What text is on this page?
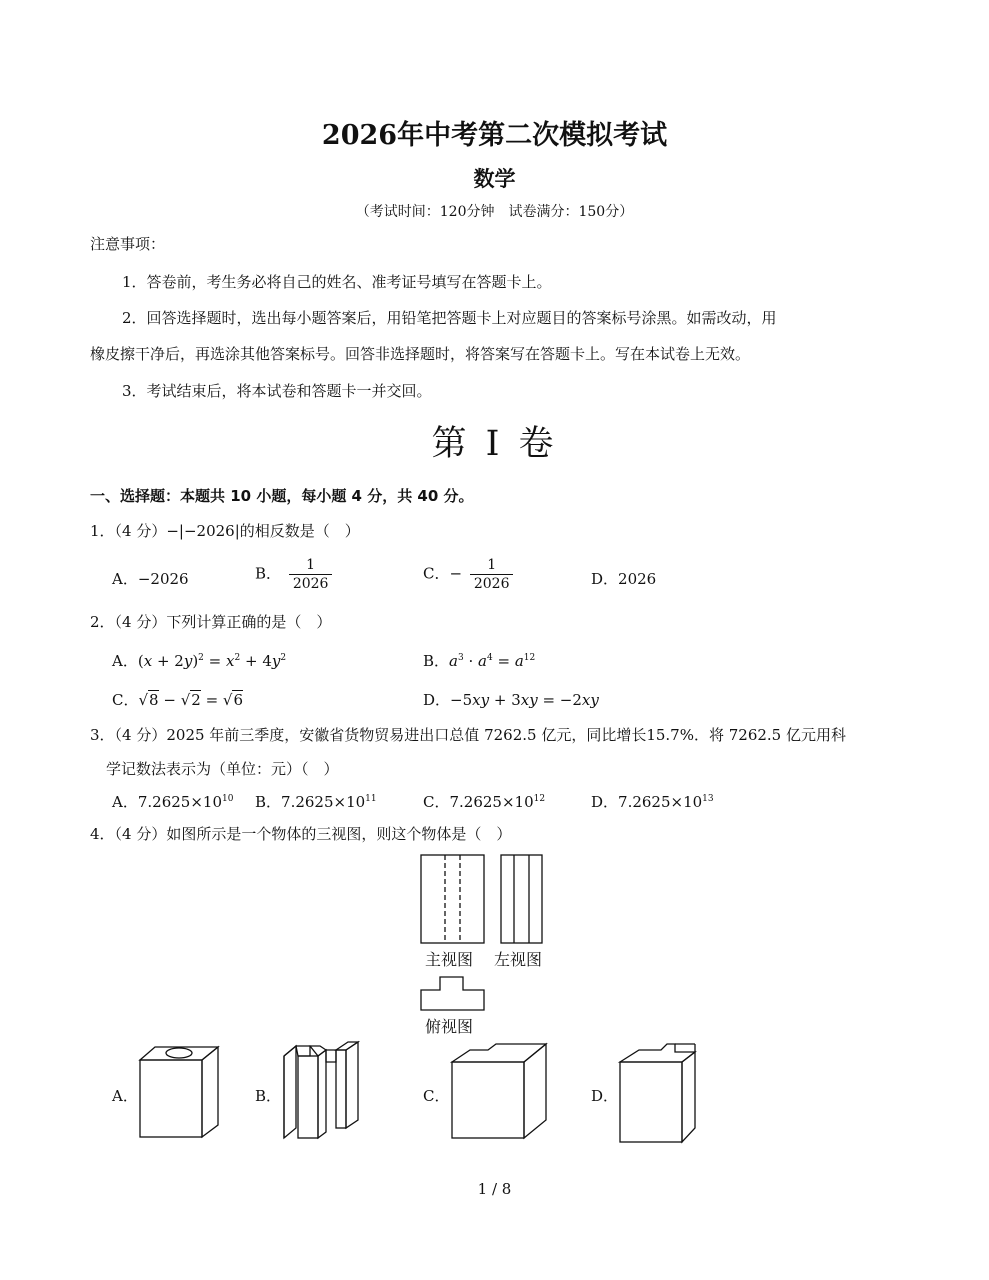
2026年中考第二次模拟考试
数学
（考试时间：120分钟　试卷满分：150分）
注意事项：
1．答卷前，考生务必将自己的姓名、准考证号填写在答题卡上。
2．回答选择题时，选出每小题答案后，用铅笔把答题卡上对应题目的答案标号涂黑。如需改动，用
橡皮擦干净后，再选涂其他答案标号。回答非选择题时，将答案写在答题卡上。写在本试卷上无效。
3．考试结束后，将本试卷和答题卡一并交回。
第 I 卷
一、选择题：本题共 10 小题，每小题 4 分，共 40 分。
1．（4 分）−|−2026|的相反数是（　）
A．−2026	B． $\frac{1}{2026}$	C．− $\frac{1}{2026}$	D．2026
2．（4 分）下列计算正确的是（　）
A．$(x + 2y)^2 = x^2 + 4y^2$	B．$a^3 \cdot a^4 = a^{12}$
C．√8 − √2 = √6	D．−5xy + 3xy = −2xy
3．（4 分）2025 年前三季度，安徽省货物贸易进出口总值 7262.5 亿元，同比增长15.7%．将 7262.5 亿元用科
学记数法表示为（单位：元）（　）
A．$7.2625\times 10^{10}$ B．$7.2625\times 10^{11}$	C．$7.2625\times 10^{12}$	D．$7.2625\times 10^{13}$
4．（4 分）如图所示是一个物体的三视图，则这个物体是（　）
主视图 左视图
俯视图
A．	B．	C．	D．
1 / 8
